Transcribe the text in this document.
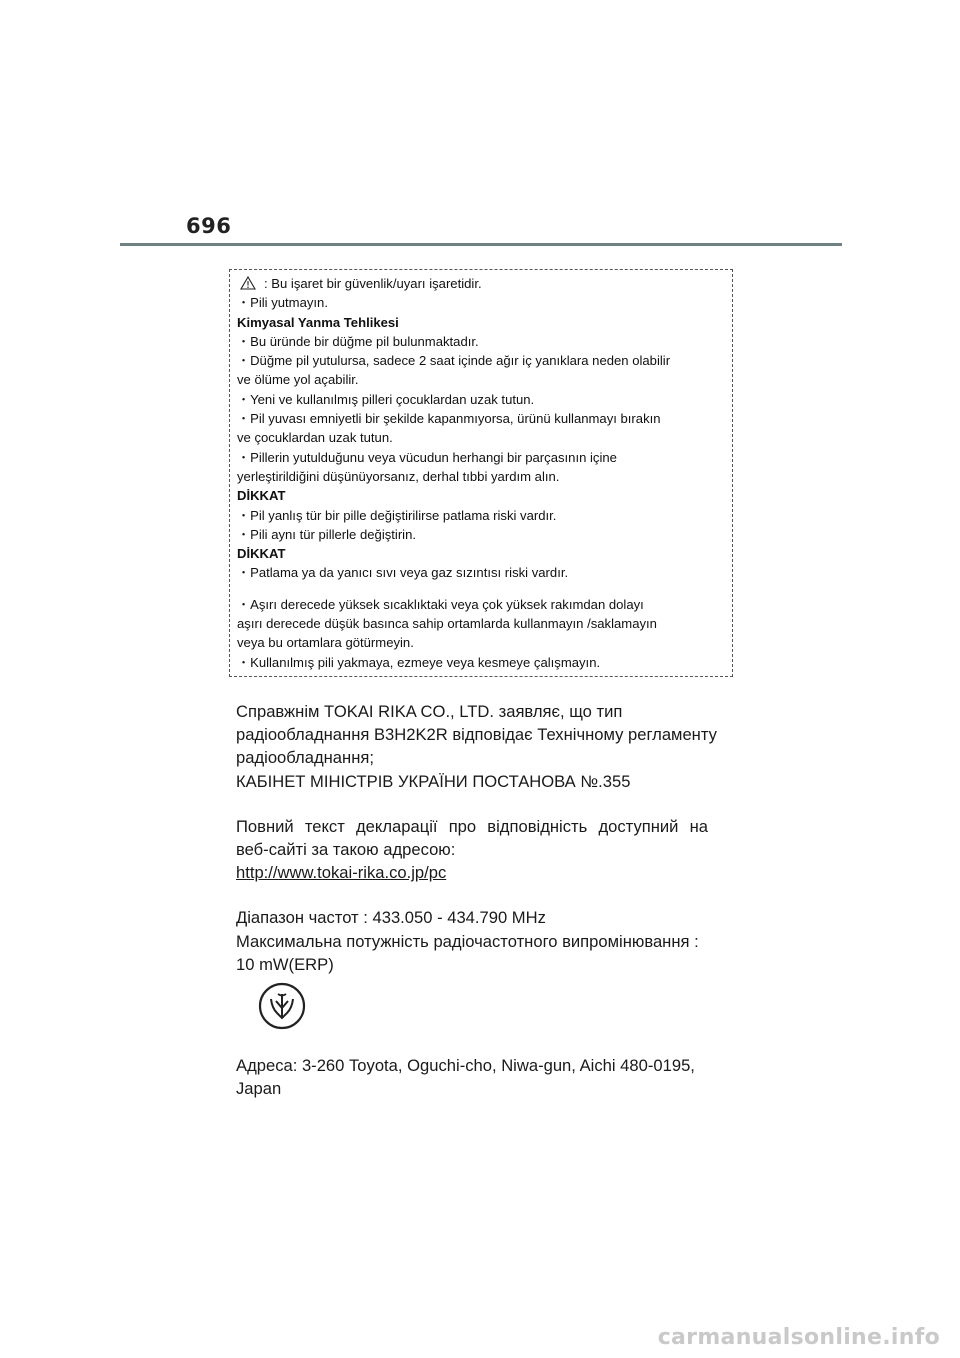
696
: Bu işaret bir güvenlik/uyarı işaretidir.
・Pili yutmayın.
Kimyasal Yanma Tehlikesi
・Bu üründe bir düğme pil bulunmaktadır.
・Düğme pil yutulursa, sadece 2 saat içinde ağır iç yanıklara neden olabilir
ve ölüme yol açabilir.
・Yeni ve kullanılmış pilleri çocuklardan uzak tutun.
・Pil yuvası emniyetli bir şekilde kapanmıyorsa, ürünü kullanmayı bırakın
ve çocuklardan uzak tutun.
・Pillerin yutulduğunu veya vücudun herhangi bir parçasının içine
yerleştirildiğini düşünüyorsanız, derhal tıbbi yardım alın.
DİKKAT
・Pil yanlış tür bir pille değiştirilirse patlama riski vardır.
・Pili aynı tür pillerle değiştirin.
DİKKAT
・Patlama ya da yanıcı sıvı veya gaz sızıntısı riski vardır.
・Aşırı derecede yüksek sıcaklıktaki veya çok yüksek rakımdan dolayı
aşırı derecede düşük basınca sahip ortamlarda kullanmayın /saklamayın
veya bu ortamlara götürmeyin.
・Kullanılmış pili yakmaya, ezmeye veya kesmeye çalışmayın.
Справжнім TOKAI RIKA CO., LTD. заявляє, що тип
радіообладнання B3H2K2R відповідає Технічному регламенту
радіообладнання;
КАБІНЕТ МІНІСТРІВ УКРАЇНИ ПОСТАНОВА №.355
Повний текст декларації про відповідність доступний на
веб-сайті за такою адресою:
http://www.tokai-rika.co.jp/pc
Діапазон частот : 433.050 - 434.790 MHz
Максимальна потужність радіочастотного випромінювання :
10 mW(ERP)
Адреса: 3-260 Toyota, Oguchi-cho, Niwa-gun, Aichi 480-0195,
Japan
carmanualsonline.info
